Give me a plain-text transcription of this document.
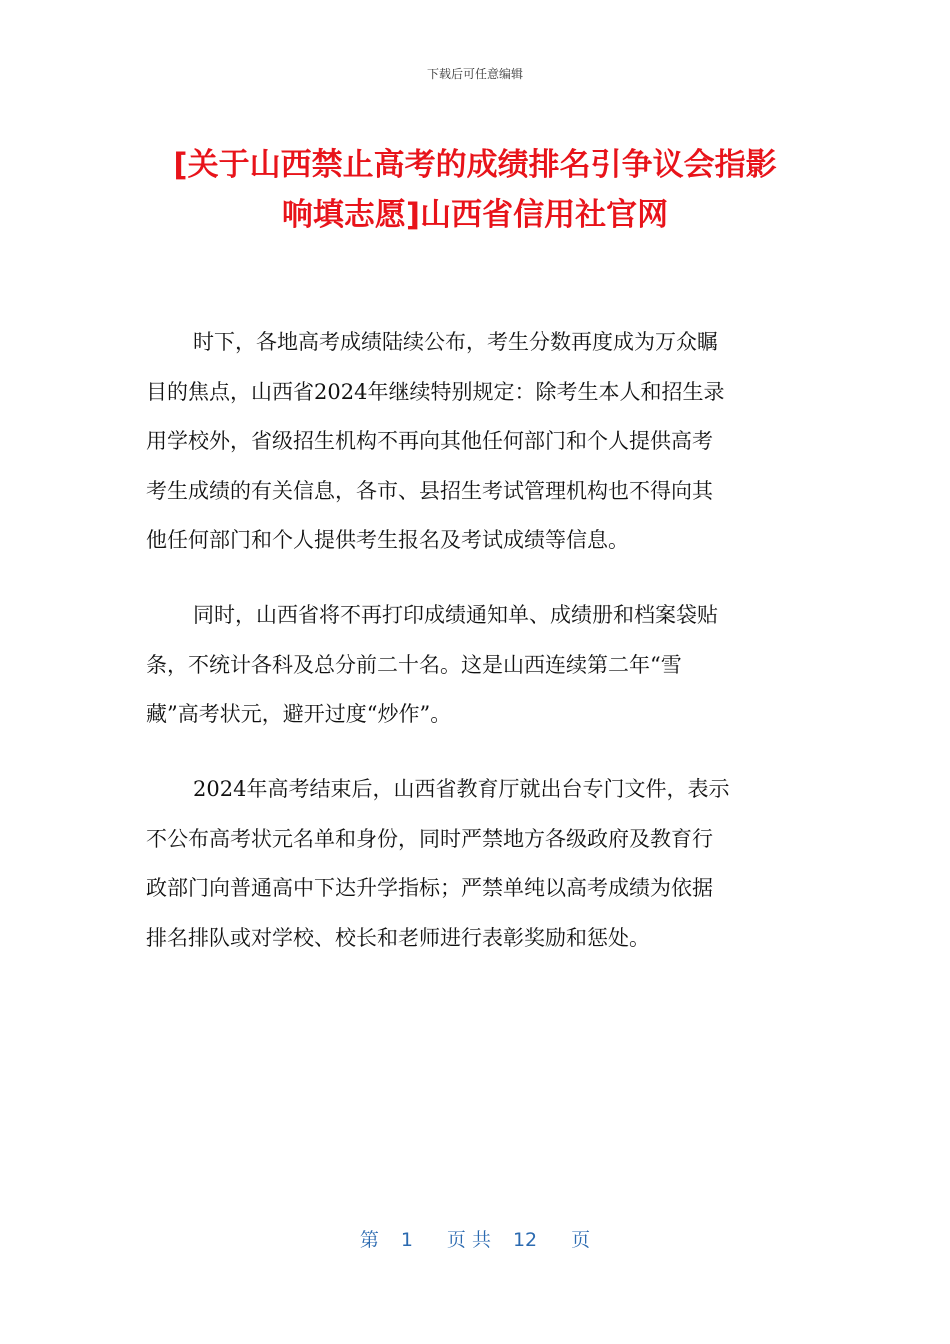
下载后可任意编辑
[关于山西禁止高考的成绩排名引争议会指影
响填志愿]山西省信用社官网
时下，各地高考成绩陆续公布，考生分数再度成为万众瞩
目的焦点，山西省2024年继续特别规定：除考生本人和招生录
用学校外，省级招生机构不再向其他任何部门和个人提供高考
考生成绩的有关信息，各市、县招生考试管理机构也不得向其
他任何部门和个人提供考生报名及考试成绩等信息。
同时，山西省将不再打印成绩通知单、成绩册和档案袋贴
条，不统计各科及总分前二十名。这是山西连续第二年“雪
藏”高考状元，避开过度“炒作”。
2024年高考结束后，山西省教育厅就出台专门文件，表示
不公布高考状元名单和身份，同时严禁地方各级政府及教育行
政部门向普通高中下达升学指标；严禁单纯以高考成绩为依据
排名排队或对学校、校长和老师进行表彰奖励和惩处。
第 1 页 共 12 页
